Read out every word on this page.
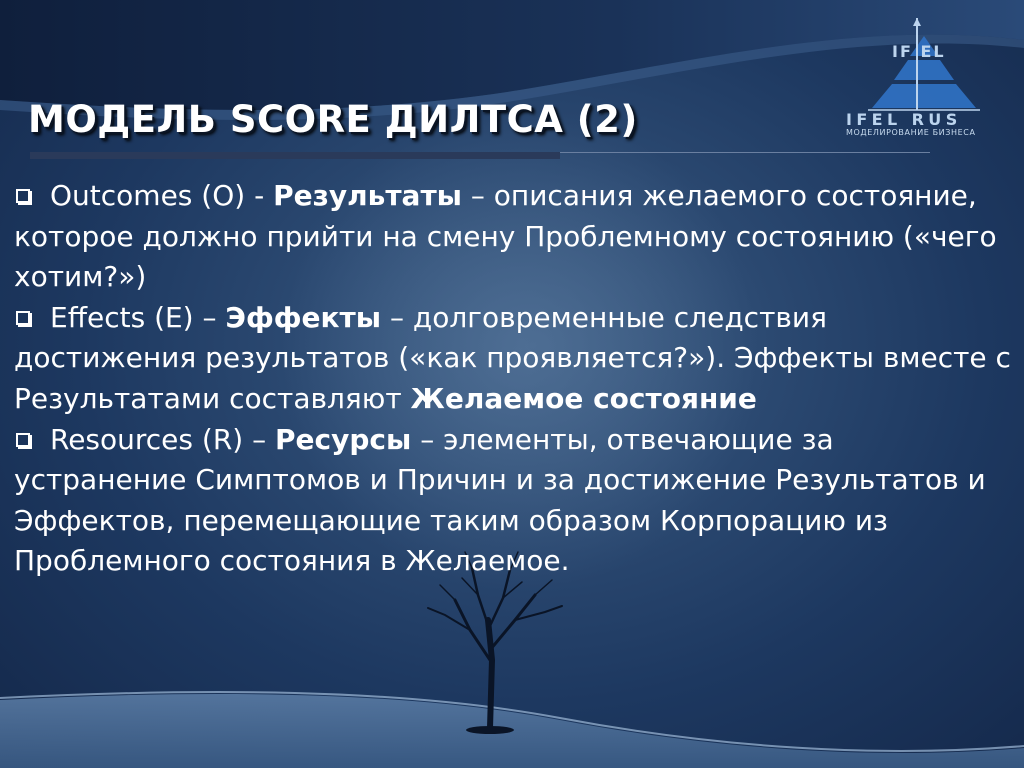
МОДЕЛЬ SCORE ДИЛТСА (2)
IF EL
IFEL RUS
МОДЕЛИРОВАНИЕ БИЗНЕСА

Outcomes (O) - Результаты – описания желаемого состояние, которое должно прийти на смену Проблемному состоянию («чего хотим?»)

Effects (E) – Эффекты – долговременные следствия достижения результатов («как проявляется?»). Эффекты вместе с Результатами составляют Желаемое состояние

Resources (R) – Ресурсы – элементы, отвечающие за устранение Симптомов и Причин и за достижение Результатов и Эффектов, перемещающие таким образом Корпорацию из Проблемного состояния в Желаемое.
